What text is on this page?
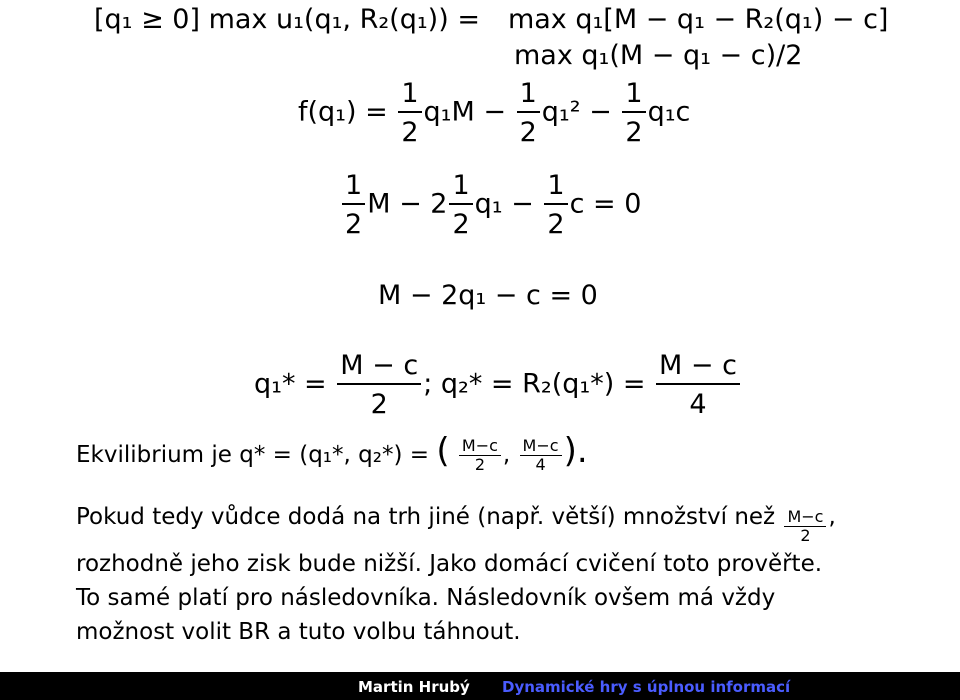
[q₁ ≥ 0] max u₁(q₁, R₂(q₁)) = max q₁[M − q₁ − R₂(q₁) − c]
max q₁(M − q₁ − c)/2
$f(q_1) = \frac{1}{2} q_1M - \frac{1}{2} q_1^2 - \frac{1}{2} q_1c$
$\frac{1}{2}$ $M - 2 \frac{1}{2} q_1 - \frac{1}{2}$ c = 0
M − 2q₁ − c = 0
$q_1* = \frac{M - c}{2}$ ; $q_2* = R_2(q_1*) = \frac{M - c}{4}$
Ekvilibrium je q* = (q₁*, q₂*) = ( $\frac{M-c}{2}$ , $\frac{M-c}{4}$ ).
Pokud tedy vůdce dodá na trh jiné (např. větší) množství než $\frac{M-c}{2}$ ,
rozhodně jeho zisk bude nižší. Jako domácí cvičení toto prověřte.
To samé platí pro následovníka. Následovník ovšem má vždy
možnost volit BR a tuto volbu táhnout.
Martin Hrubý Dynamické hry s úplnou informací
